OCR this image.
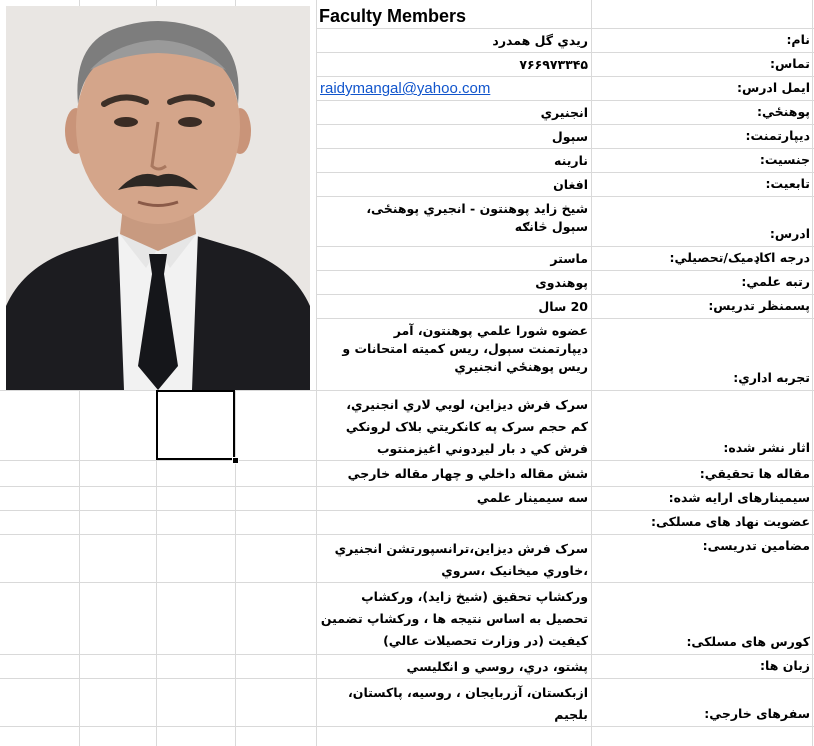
Faculty Members
نام:
تماس:
ايمل ادرس:
پوهنځي:
ديپارتمنت:
جنسيت:
تابعيت:
ادرس:
درجه اکاډميک/تحصيلي:
رتبه علمي:
پسمنظر تدريس:
تجربه اداري:
اثار نشر شده:
مقاله ها تحقيقي:
سيمينارهای ارايه شده:
عضويت نهاد های مسلکی:
مضامين تدريسی:
کورس های مسلکی:
زبان ها:
سفرهای خارجي:
ريدي گل همدرد
۷۶۶۹۷۳۳۴۵
raidymangal@yahoo.com
انجنيري
سېول
نارينه
افغان
شيخ زايد پوهنتون - انجيري پوهنځی،
سېول څانګه
ماستر
پوهندوی
20 سال
عضوه شورا علمي پوهنتون، آمر
ديپارتمنت سېول، ريس کميته امتحانات و
ريس پوهنځي انجنيري
سرک فرش ديزاين، لويي لاري انجنيري،
کم حجم سرک په کانکريتي بلاک لرونکي
فرش کي د بار ليږدوني اغيزمنتوب
شش مقاله داخلي و چهار مقاله خارجي
سه سيمينار علمي
سرک فرش ديزاين،ترانسپورتشن انجنيري
،خاوري ميخانيک ،سروي
ورکشاپ تحقيق (شيخ زايد)، ورکشاپ
تحصيل به اساس نتيجه ها ، ورکشاپ تضمين
کيفيت (در وزارت تحصيلات عالي)
پشتو، دري، روسي و انګليسي
ازبکستان، آزربايجان ، روسيه، پاکستان،
بلجيم
